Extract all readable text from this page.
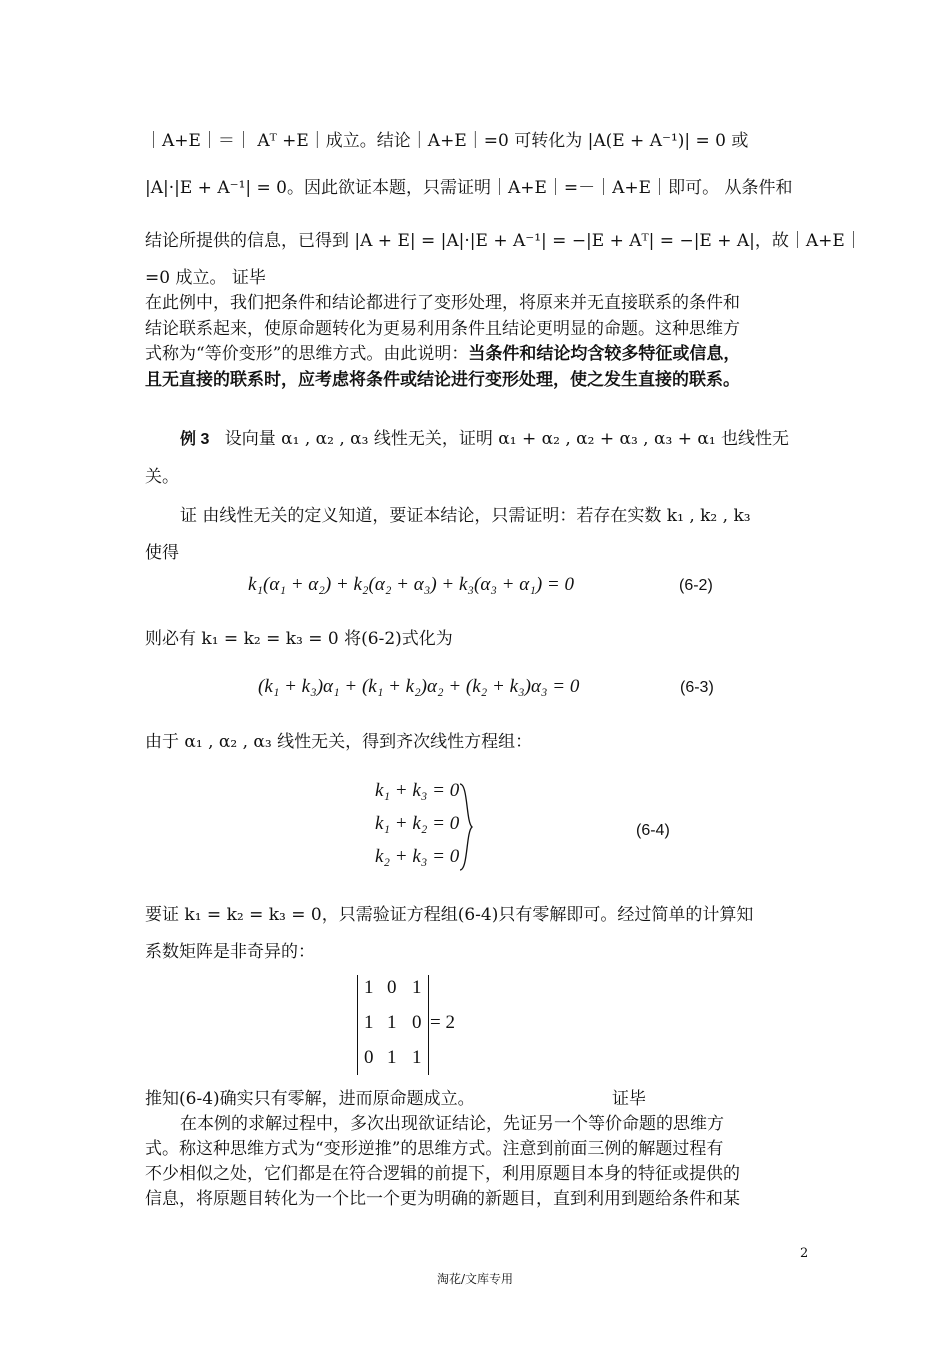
｜A+E｜＝｜ Aᵀ +E｜成立。结论｜A+E｜=0 可转化为 |A(E + A⁻¹)| = 0 或
|A|·|E + A⁻¹| = 0。因此欲证本题，只需证明｜A+E｜=－｜A+E｜即可。 从条件和
结论所提供的信息，已得到 |A + E| = |A|·|E + A⁻¹| = −|E + Aᵀ| = −|E + A|，故｜A+E｜
=0 成立。 证毕
在此例中，我们把条件和结论都进行了变形处理，将原来并无直接联系的条件和
结论联系起来，使原命题转化为更易利用条件且结论更明显的命题。这种思维方
式称为“等价变形”的思维方式。由此说明：当条件和结论均含较多特征或信息，
且无直接的联系时，应考虑将条件或结论进行变形处理，使之发生直接的联系。
例 3 设向量 α₁ , α₂ , α₃ 线性无关，证明 α₁ + α₂ , α₂ + α₃ , α₃ + α₁ 也线性无
关。
证 由线性无关的定义知道，要证本结论，只需证明：若存在实数 k₁ , k₂ , k₃
使得
k₁(α₁ + α₂) + k₂(α₂ + α₃) + k₃(α₃ + α₁) = 0	(6-2)
则必有 k₁ = k₂ = k₃ = 0 将(6-2)式化为
(k₁ + k₃)α₁ + (k₁ + k₂)α₂ + (k₂ + k₃)α₃ = 0	(6-3)
由于 α₁ , α₂ , α₃ 线性无关，得到齐次线性方程组：
k₁ + k₃ = 0
k₁ + k₂ = 0
k₂ + k₃ = 0
(6-4)
要证 k₁ = k₂ = k₃ = 0，只需验证方程组(6-4)只有零解即可。经过简单的计算知
系数矩阵是非奇异的：
1 0 1
1 1 0
0 1 1
= 2
推知(6-4)确实只有零解，进而原命题成立。	证毕
在本例的求解过程中，多次出现欲证结论，先证另一个等价命题的思维方
式。称这种思维方式为“变形逆推”的思维方式。注意到前面三例的解题过程有
不少相似之处，它们都是在符合逻辑的前提下，利用原题目本身的特征或提供的
信息，将原题目转化为一个比一个更为明确的新题目，直到利用到题给条件和某
2
淘花/文库专用
